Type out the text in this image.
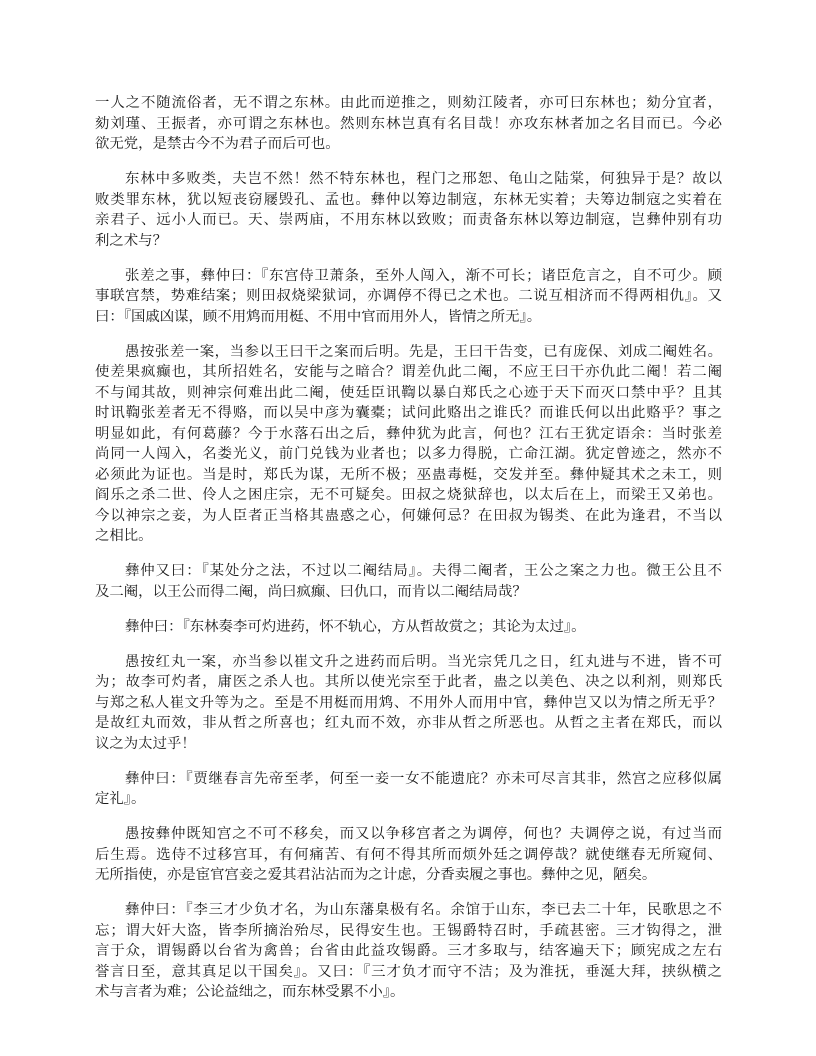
一人之不随流俗者，无不谓之东林。由此而逆推之，则劾江陵者，亦可曰东林也；劾分宜者，
劾刘瑾、王振者，亦可谓之东林也。然则东林岂真有名目哉！亦攻东林者加之名目而已。今必
欲无党，是禁古今不为君子而后可也。
东林中多败类，夫岂不然！然不特东林也，程门之邢恕、龟山之陆棠，何独异于是？故以
败类罪东林，犹以短丧窃屦毁孔、孟也。彝仲以筹边制寇，东林无实着；夫筹边制寇之实着在
亲君子、远小人而已。天、崇两庙，不用东林以致败；而责备东林以筹边制寇，岂彝仲别有功
利之术与？
张差之事，彝仲曰：『东宫侍卫萧条，至外人闯入，渐不可长；诸臣危言之，自不可少。顾
事联宫禁，势难结案；则田叔烧梁狱词，亦调停不得已之术也。二说互相济而不得两相仇』。又
曰：『国戚凶谋，顾不用鸩而用梃、不用中官而用外人，皆情之所无』。
愚按张差一案，当参以王曰干之案而后明。先是，王曰干告变，已有庞保、刘成二阉姓名。
使差果疯癫也，其所招姓名，安能与之暗合？谓差仇此二阉，不应王曰干亦仇此二阉！若二阉
不与闻其故，则神宗何难出此二阉，使廷臣讯鞫以暴白郑氏之心迹于天下而灭口禁中乎？且其
时讯鞫张差者无不得赂，而以吴中彦为囊橐；试问此赂出之谁氏？而谁氏何以出此赂乎？事之
明显如此，有何葛藤？今于水落石出之后，彝仲犹为此言，何也？江右王犹定语余：当时张差
尚同一人闯入，名娄光义，前门兑钱为业者也；以多力得脱，亡命江湖。犹定曾迹之，然亦不
必须此为证也。当是时，郑氏为谋，无所不极；巫蛊毒梃，交发并至。彝仲疑其术之未工，则
阎乐之杀二世、伶人之困庄宗，无不可疑矣。田叔之烧狱辞也，以太后在上，而梁王又弟也。
今以神宗之妾，为人臣者正当格其蛊惑之心，何嫌何忌？在田叔为锡类、在此为逢君，不当以
之相比。
彝仲又曰：『某处分之法，不过以二阉结局』。夫得二阉者，王公之案之力也。微王公且不
及二阉，以王公而得二阉，尚曰疯癫、曰仇口，而肯以二阉结局哉？
彝仲曰：『东林奏李可灼进药，怀不轨心，方从哲故赏之；其论为太过』。
愚按红丸一案，亦当参以崔文升之进药而后明。当光宗凭几之日，红丸进与不进，皆不可
为；故李可灼者，庸医之杀人也。其所以使光宗至于此者，蛊之以美色、决之以利剂，则郑氏
与郑之私人崔文升等为之。至是不用梃而用鸩、不用外人而用中官，彝仲岂又以为情之所无乎？
是故红丸而效，非从哲之所喜也；红丸而不效，亦非从哲之所恶也。从哲之主者在郑氏，而以
议之为太过乎！
彝仲曰：『贾继春言先帝至孝，何至一妾一女不能遗庇？亦未可尽言其非，然宫之应移似属
定礼』。
愚按彝仲既知宫之不可不移矣，而又以争移宫者之为调停，何也？夫调停之说，有过当而
后生焉。选侍不过移宫耳，有何痛苦、有何不得其所而烦外廷之调停哉？就使继春无所窥伺、
无所指使，亦是宦官宫妾之爱其君沾沾而为之计虑，分香卖履之事也。彝仲之见，陋矣。
彝仲曰：『李三才少负才名，为山东藩臬极有名。余馆于山东，李已去二十年，民歌思之不
忘；谓大奸大盗，皆李所摘治殆尽，民得安生也。王锡爵特召时，手疏甚密。三才钩得之，泄
言于众，谓锡爵以台省为禽兽；台省由此益攻锡爵。三才多取与，结客遍天下；顾宪成之左右
誉言日至，意其真足以干国矣』。又曰：『三才负才而守不洁；及为淮抚，垂涎大拜，挟纵横之
术与言者为难；公论益绌之，而东林受累不小』。
